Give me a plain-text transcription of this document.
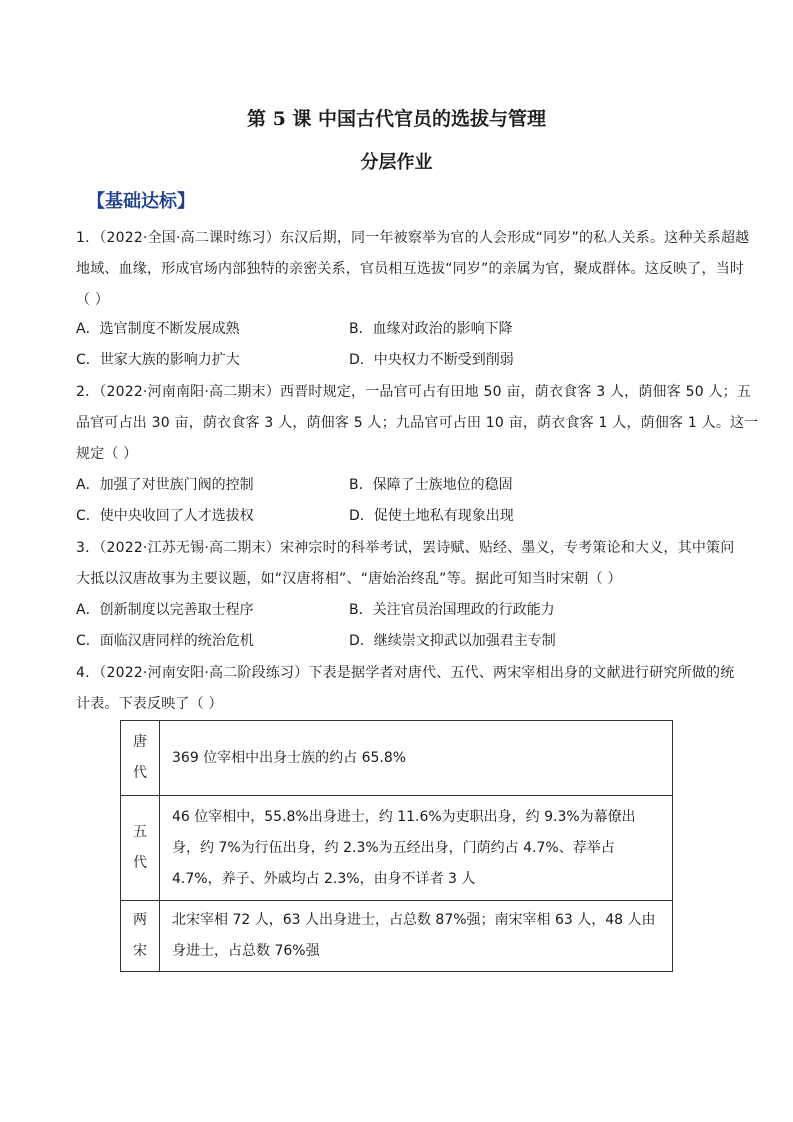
第 5 课 中国古代官员的选拔与管理
分层作业
【基础达标】
1．（2022·全国·高二课时练习）东汉后期，同一年被察举为官的人会形成“同岁”的私人关系。这种关系超越
地域、血缘，形成官场内部独特的亲密关系，官员相互选拔“同岁”的亲属为官，聚成群体。这反映了，当时
（ ）
A．选官制度不断发展成熟	B．血缘对政治的影响下降
C．世家大族的影响力扩大	D．中央权力不断受到削弱
2．（2022·河南南阳·高二期末）西晋时规定，一品官可占有田地 50 亩，荫衣食客 3 人，荫佃客 50 人；五
品官可占出 30 亩，荫衣食客 3 人，荫佃客 5 人；九品官可占田 10 亩，荫衣食客 1 人，荫佃客 1 人。这一
规定（ ）
A．加强了对世族门阀的控制	B．保障了士族地位的稳固
C．使中央收回了人才选拔权	D．促使土地私有现象出现
3．（2022·江苏无锡·高二期末）宋神宗时的科举考试，罢诗赋、贴经、墨义，专考策论和大义，其中策问
大抵以汉唐故事为主要议题，如“汉唐将相”、“唐始治终乱”等。据此可知当时宋朝（ ）
A．创新制度以完善取士程序	B．关注官员治国理政的行政能力
C．面临汉唐同样的统治危机	D．继续崇文抑武以加强君主专制
4．（2022·河南安阳·高二阶段练习）下表是据学者对唐代、五代、两宋宰相出身的文献进行研究所做的统
计表。下表反映了（ ）
唐
代	369 位宰相中出身士族的约占 65.8%

五
代	46 位宰相中，55.8%出身进士，约 11.6%为吏职出身，约 9.3%为幕僚出身，约 7%为行伍出身，约 2.3%为五经出身，门荫约占 4.7%、荐举占 4.7%，养子、外戚均占 2.3%，由身不详者 3 人

两
宋	北宋宰相 72 人，63 人出身进士，占总数 87%强；南宋宰相 63 人，48 人由身进士，占总数 76%强
